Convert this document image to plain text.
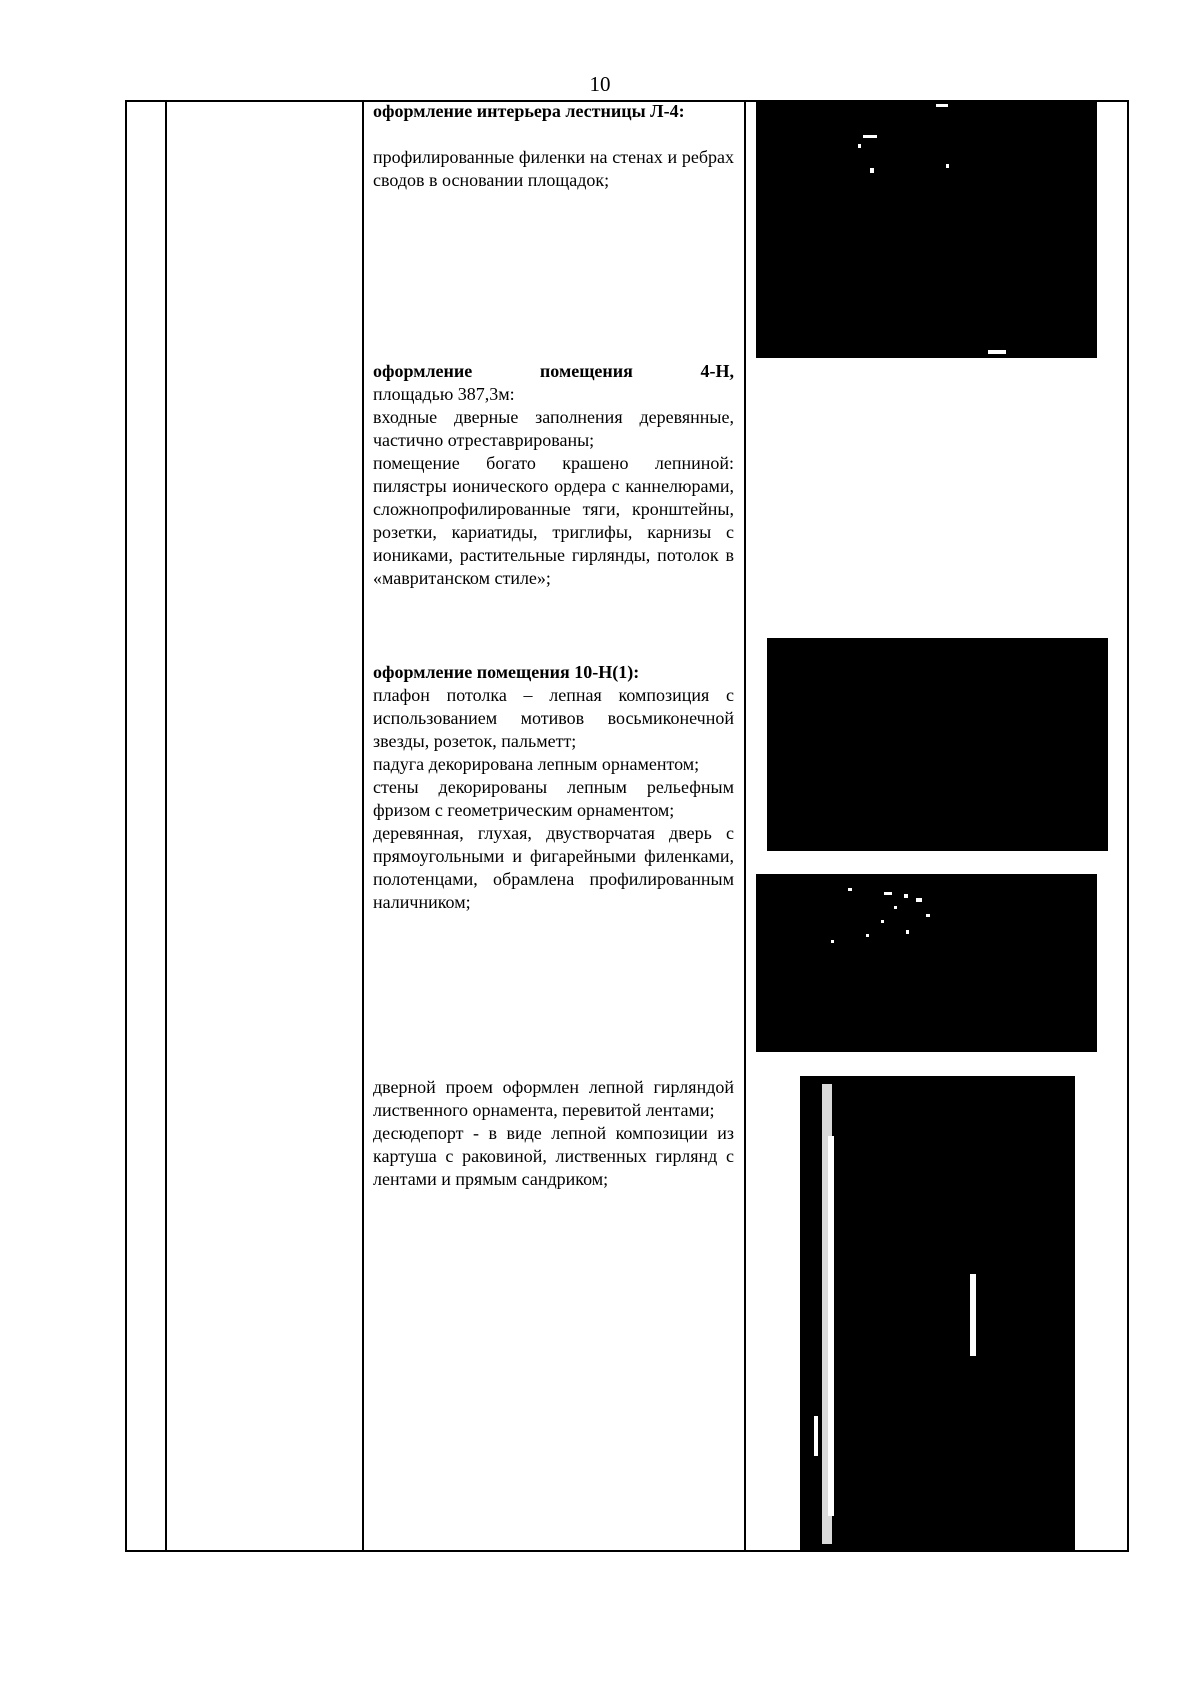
10

оформление интерьера лестницы Л-4:

профилированные филенки на стенах и ребрах сводов в основании площадок;

оформление помещения 4-Н,

площадью 387,3м:

входные дверные заполнения деревянные, частично отреставрированы;

помещение богато крашено лепниной: пилястры ионического ордера с каннелюрами, сложнопрофилированные тяги, кронштейны, розетки, кариатиды, триглифы, карнизы с иониками, растительные гирлянды, потолок в «мавританском стиле»;

оформление помещения 10-Н(1):

плафон потолка – лепная композиция с использованием мотивов восьмиконечной звезды, розеток, пальметт;

падуга декорирована лепным орнаментом;

стены декорированы лепным рельефным фризом с геометрическим орнаментом;

деревянная, глухая, двустворчатая дверь с прямоугольными и фигарейными филенками, полотенцами, обрамлена профилированным наличником;

дверной проем оформлен лепной гирляндой лиственного орнамента, перевитой лентами;

десюдепорт - в виде лепной композиции из картуша с раковиной, лиственных гирлянд с лентами и прямым сандриком;
